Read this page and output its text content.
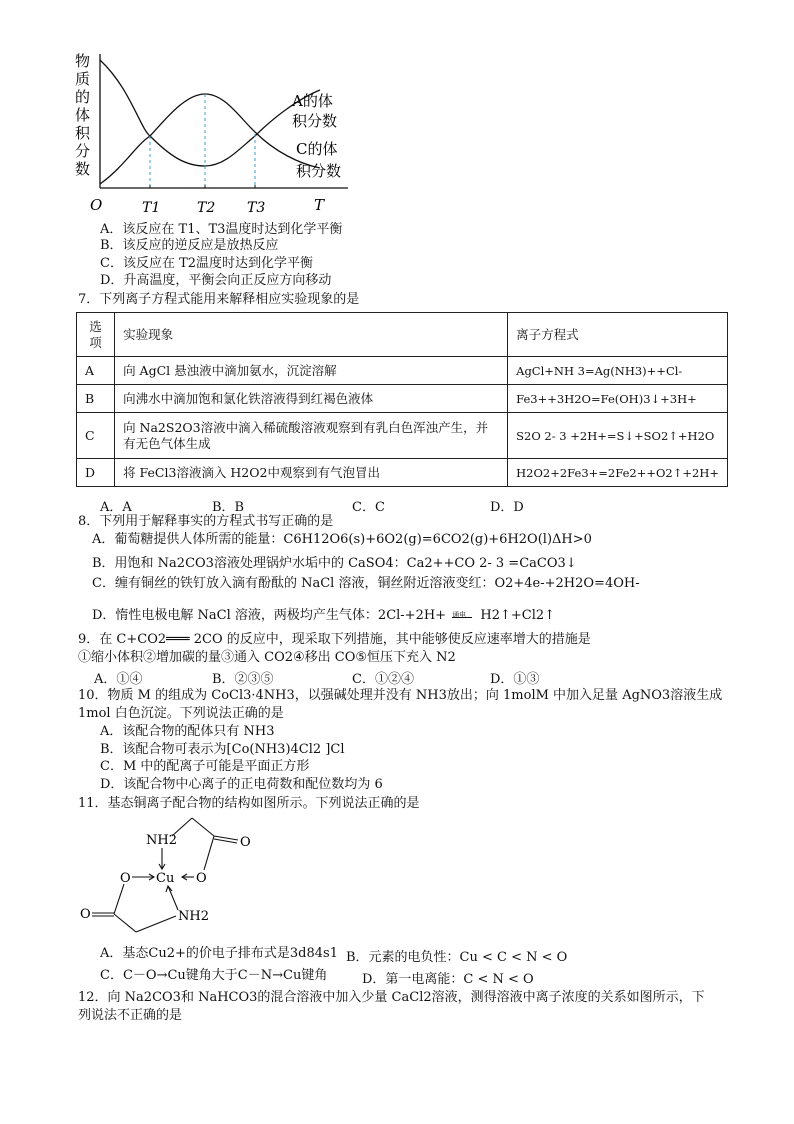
物
质
的
体
积
分
数
O	T1	T2 T3	T
A的体
积分数
C的体
积分数
A．该反应在 T1、T3温度时达到化学平衡
B．该反应的逆反应是放热反应
C．该反应在 T2温度时达到化学平衡
D．升高温度，平衡会向正反应方向移动
7．下列离子方程式能用来解释相应实验现象的是
选项	实验现象	离子方程式
A	向 AgCl 悬浊液中滴加氨水，沉淀溶解	AgCl+NH 3=Ag(NH3)++Cl-
B	向沸水中滴加饱和氯化铁溶液得到红褐色液体	Fe3++3H2O=Fe(OH)3↓+3H+
C	向 Na2S2O3溶液中滴入稀硫酸溶液观察到有乳白色浑浊产生，并有无色气体生成	S2O 2- 3 +2H+=S↓+SO2↑+H2O
D	将 FeCl3溶液滴入 H2O2中观察到有气泡冒出	H2O2+2Fe3+=2Fe2++O2↑+2H+
A．A	B．B	C．C	D．D
8．下列用于解释事实的方程式书写正确的是
A．葡萄糖提供人体所需的能量：C6H12O6(s)+6O2(g)=6CO2(g)+6H2O(l)ΔH>0
B．用饱和 Na2CO3溶液处理锅炉水垢中的 CaSO4：Ca2++CO 2- 3 =CaCO3↓
C．缠有铜丝的铁钉放入滴有酚酞的 NaCl 溶液，铜丝附近溶液变红：O2+4e-+2H2O=4OH-
D．惰性电极电解 NaCl 溶液，两极均产生气体：2Cl-+2H+ 通电 H2↑+Cl2↑
9．在 C+CO2═══ 2CO 的反应中，现采取下列措施，其中能够使反应速率增大的措施是
①缩小体积②增加碳的量③通入 CO2④移出 CO⑤恒压下充入 N2
A．①④	B．②③⑤	C．①②④	D．①③
10．物质 M 的组成为 CoCl3·4NH3，以强碱处理并没有 NH3放出；向 1molM 中加入足量 AgNO3溶液生成
1mol 白色沉淀。下列说法正确的是
A．该配合物的配体只有 NH3
B．该配合物可表示为[Co(NH3)4Cl2 ]Cl
C．M 中的配离子可能是平面正方形
D．该配合物中心离子的正电荷数和配位数均为 6
11．基态铜离子配合物的结构如图所示。下列说法正确的是
NH2	O
O Cu O
O	NH2
A．基态Cu2+的价电子排布式是3d84s1 B．元素的电负性：Cu < C < N < O
C．C－O→Cu键角大于C－N→Cu键角	D．第一电离能：C < N < O
12．向 Na2CO3和 NaHCO3的混合溶液中加入少量 CaCl2溶液，测得溶液中离子浓度的关系如图所示，下
列说法不正确的是
